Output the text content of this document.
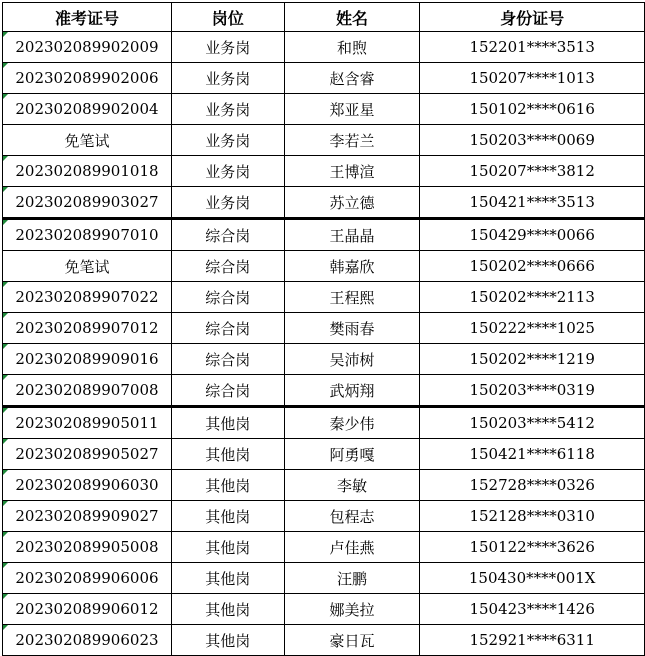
准考证号	岗位	姓名	身份证号

202302089902009	业务岗	和煦	152201****3513

202302089902006	业务岗	赵含睿	150207****1013

202302089902004	业务岗	郑亚星	150102****0616
免笔试	业务岗	李若兰	150203****0069

202302089901018	业务岗	王博渲	150207****3812

202302089903027	业务岗	苏立德	150421****3513

202302089907010	综合岗	王晶晶	150429****0066
免笔试	综合岗	韩嘉欣	150202****0666

202302089907022	综合岗	王程熙	150202****2113

202302089907012	综合岗	樊雨春	150222****1025

202302089909016	综合岗	吴沛树	150202****1219

202302089907008	综合岗	武炳翔	150203****0319

202302089905011	其他岗	秦少伟	150203****5412

202302089905027	其他岗	阿勇嘎	150421****6118

202302089906030	其他岗	李敏	152728****0326

202302089909027	其他岗	包程志	152128****0310

202302089905008	其他岗	卢佳燕	150122****3626

202302089906006	其他岗	汪鹏	150430****001X

202302089906012	其他岗	娜美拉	150423****1426

202302089906023	其他岗	豪日瓦	152921****6311
